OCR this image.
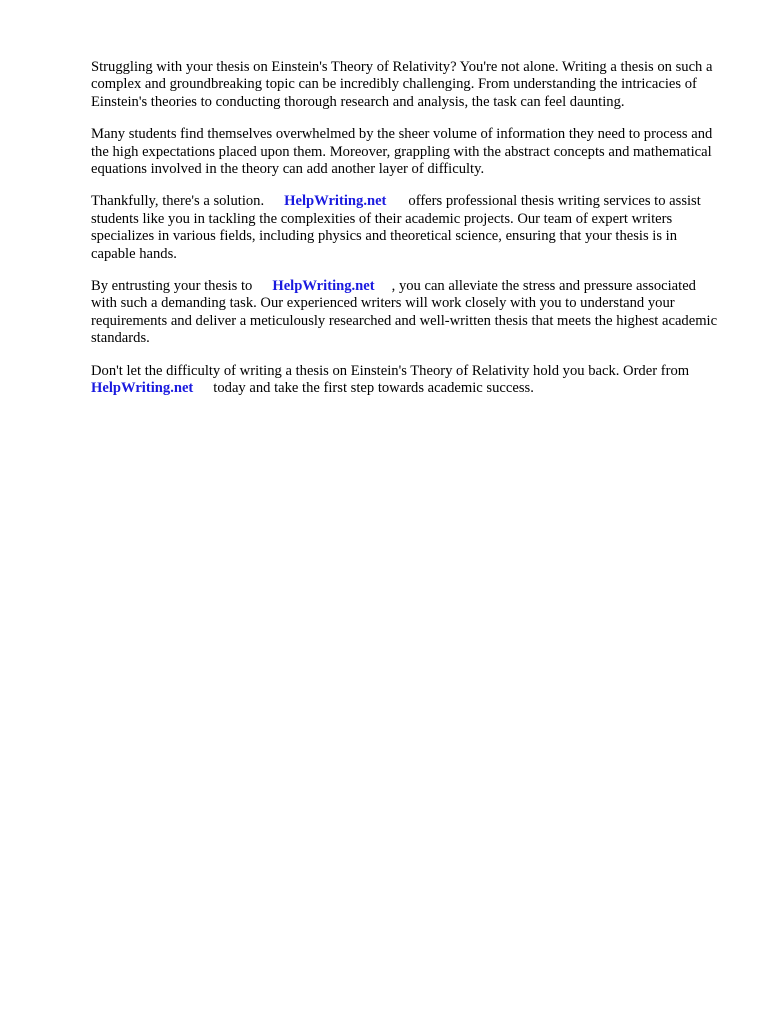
Struggling with your thesis on Einstein's Theory of Relativity? You're not alone. Writing a thesis on such a complex and groundbreaking topic can be incredibly challenging. From understanding the intricacies of Einstein's theories to conducting thorough research and analysis, the task can feel daunting.

Many students find themselves overwhelmed by the sheer volume of information they need to process and the high expectations placed upon them. Moreover, grappling with the abstract concepts and mathematical equations involved in the theory can add another layer of difficulty.

Thankfully, there's a solution. HelpWriting.net offers professional thesis writing services to assist students like you in tackling the complexities of their academic projects. Our team of expert writers specializes in various fields, including physics and theoretical science, ensuring that your thesis is in capable hands.

By entrusting your thesis to HelpWriting.net , you can alleviate the stress and pressure associated with such a demanding task. Our experienced writers will work closely with you to understand your requirements and deliver a meticulously researched and well-written thesis that meets the highest academic standards.

Don't let the difficulty of writing a thesis on Einstein's Theory of Relativity hold you back. Order fromHelpWriting.net today and take the first step towards academic success.
